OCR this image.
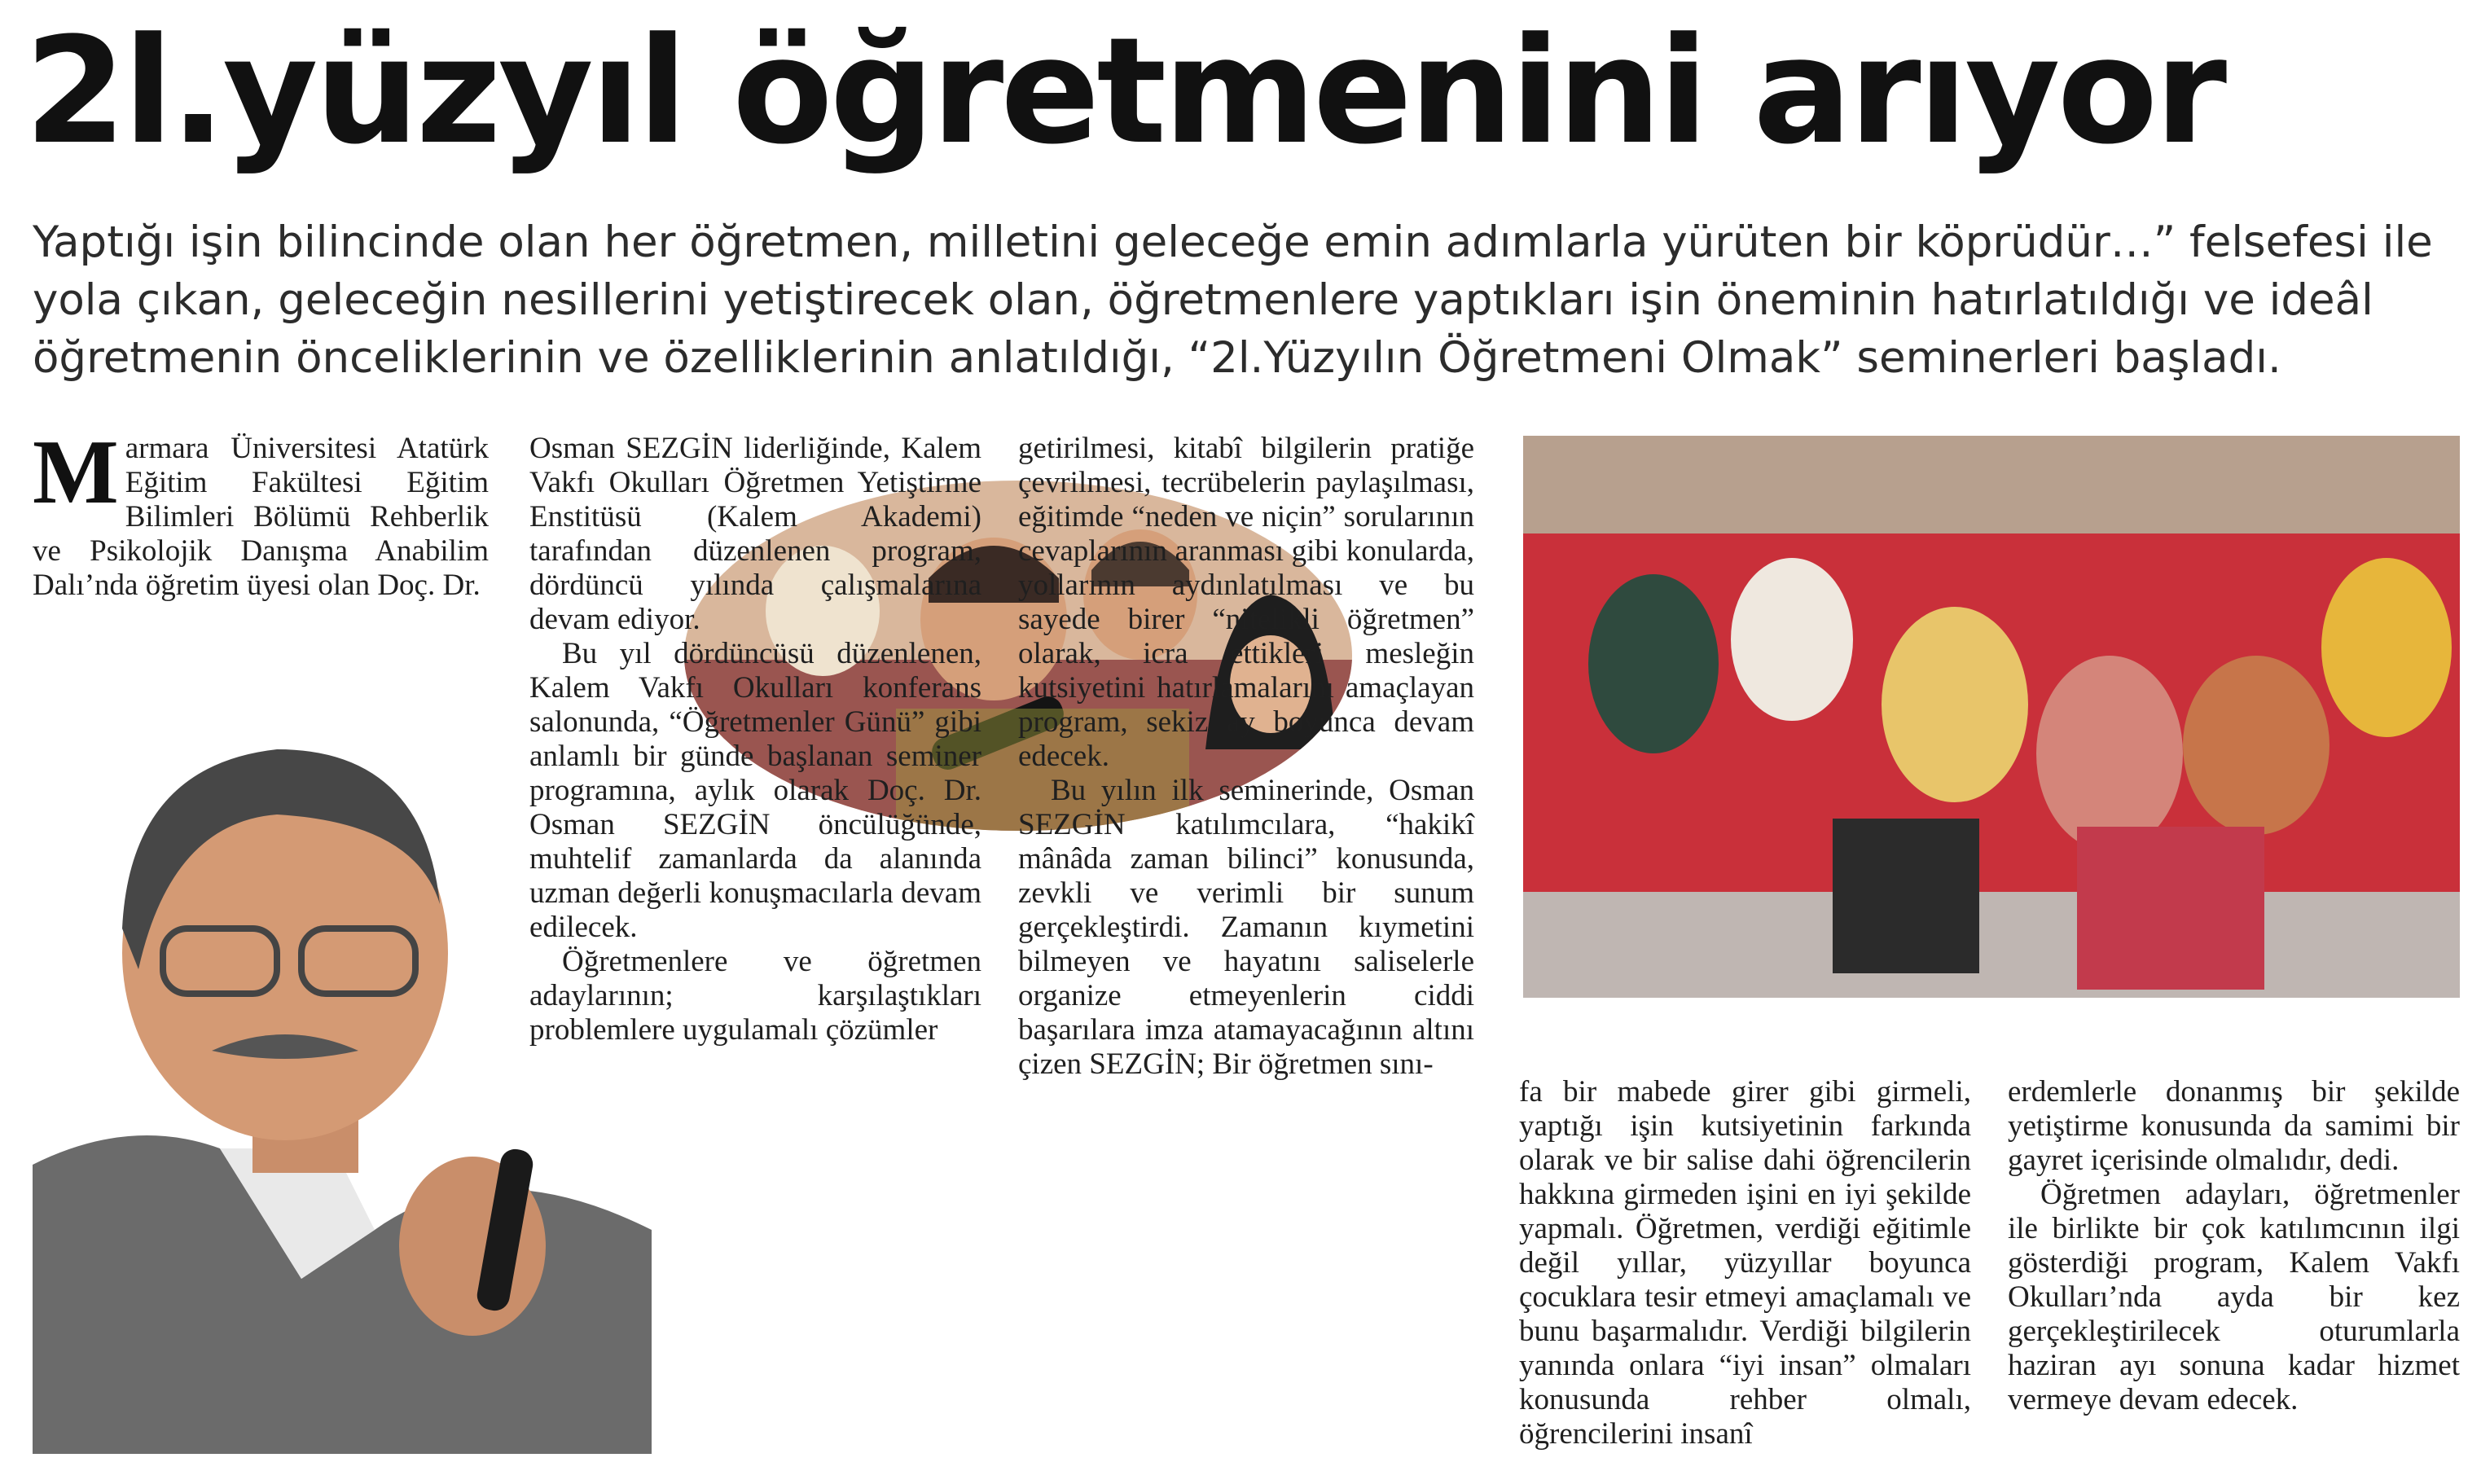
2l.yüzyıl öğretmenini arıyor

Yaptığı işin bilincinde olan her öğretmen, milletini geleceğe emin adımlarla yürüten bir köprüdür…” felsefesi ile yola çıkan, geleceğin nesillerini yetiştirecek olan, öğretmenlere yaptıkları işin öneminin hatırlatıldığı ve ideâl öğretmenin önceliklerinin ve özelliklerinin anlatıldığı, “2l.Yüzyılın Öğretmeni Olmak” seminerleri başladı.

M armara Üniversitesi Atatürk Eğitim Fakültesi Eğitim Bilimleri Bölümü Rehberlik ve Psikolojik Danışma Anabilim Dalı’nda öğretim üyesi olan Doç. Dr.

Osman SEZGİN liderliğinde, Kalem Vakfı Okulları Öğretmen Yetiştirme Enstitüsü (Kalem Akademi) tarafından düzenlenen program, dördüncü yılında çalışmalarına devam ediyor.

Bu yıl dördüncüsü düzenlenen, Kalem Vakfı Okulları konferans salonunda, “Öğretmenler Günü” gibi anlamlı bir günde başlanan seminer programına, aylık olarak Doç. Dr. Osman SEZGİN öncülüğünde, muhtelif zamanlarda da alanında uzman değerli konuşmacılarla devam edilecek.

Öğretmenlere ve öğretmen adaylarının; karşılaştıkları problemlere uygulamalı çözümler

getirilmesi, kitabî bilgilerin pratiğe çevrilmesi, tecrübelerin paylaşılması, eğitimde “neden ve niçin” sorularının cevaplarının aranması gibi konularda, yollarının aydınlatılması ve bu sayede birer “nitelikli öğretmen” olarak, icra ettikleri mesleğin kutsiyetini hatırlamalarını amaçlayan program, sekiz ay boyunca devam edecek.

Bu yılın ilk seminerinde, Osman SEZGİN katılımcılara, “hakikî mânâda zaman bilinci” konusunda, zevkli ve verimli bir sunum gerçekleştirdi. Zamanın kıymetini bilmeyen ve hayatını saliselerle organize etmeyenlerin ciddi başarılara imza atamayacağının altını çizen SEZGİN; Bir öğretmen sını-

fa bir mabede girer gibi girmeli, yaptığı işin kutsiyetinin farkında olarak ve bir salise dahi öğrencilerin hakkına girmeden işini en iyi şekilde yapmalı. Öğretmen, verdiği eğitimle değil yıllar, yüzyıllar boyunca çocuklara tesir etmeyi amaçlamalı ve bunu başarmalıdır. Verdiği bilgilerin yanında onlara “iyi insan” olmaları konusunda rehber olmalı, öğrencilerini insanî

erdemlerle donanmış bir şekilde yetiştirme konusunda da samimi bir gayret içerisinde olmalıdır, dedi.

Öğretmen adayları, öğretmenler ile birlikte bir çok katılımcının ilgi gösterdiği program, Kalem Vakfı Okulları’nda ayda bir kez gerçekleştirilecek oturumlarla haziran ayı sonuna kadar hizmet vermeye devam edecek.
